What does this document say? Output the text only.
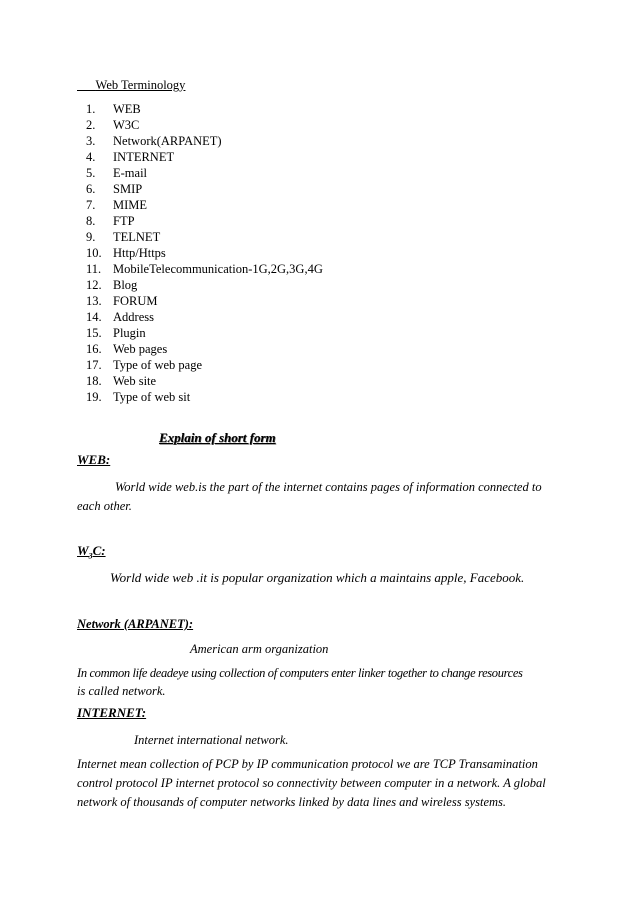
Web Terminology
1. WEB
2. W3C
3. Network(ARPANET)
4. INTERNET
5. E-mail
6. SMIP
7. MIME
8. FTP
9. TELNET
10. Http/Https
11. MobileTelecommunication-1G,2G,3G,4G
12. Blog
13. FORUM
14. Address
15. Plugin
16. Web pages
17. Type of web page
18. Web site
19. Type of web sit
Explain of short form
WEB:
World wide web.is the part of the internet contains pages of information connected to
each other.
$W_3C$:
World wide web .it is popular organization which a maintains apple, Facebook.
Network (ARPANET):
American arm organization
In common life deadeye using collection of computers enter linker together to change resources
is called network.
INTERNET:
Internet international network.
Internet mean collection of PCP by IP communication protocol we are TCP Transamination
control protocol IP internet protocol so connectivity between computer in a network. A global
network of thousands of computer networks linked by data lines and wireless systems.
